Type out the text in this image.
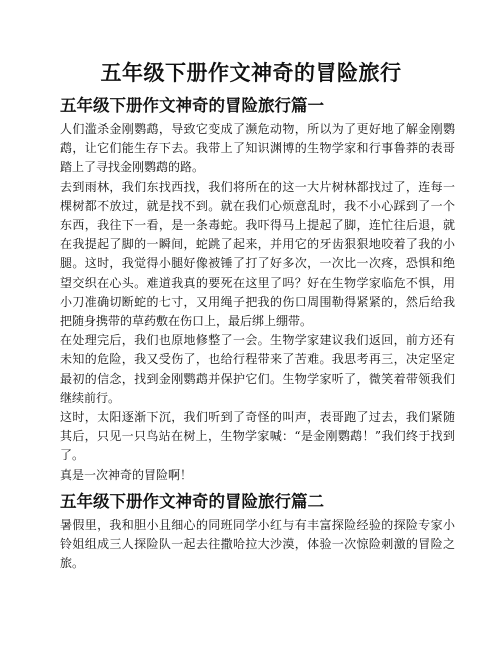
五年级下册作文神奇的冒险旅行
五年级下册作文神奇的冒险旅行篇一

人们滥杀金刚鹦鹉，导致它变成了濒危动物，所以为了更好地了解金刚鹦鹉，让它们能生存下去。我带上了知识渊博的生物学家和行事鲁莽的表哥踏上了寻找金刚鹦鹉的路。

去到雨林，我们东找西找，我们将所在的这一大片树林都找过了，连每一棵树都不放过，就是找不到。就在我们心烦意乱时，我不小心踩到了一个东西，我往下一看，是一条毒蛇。我吓得马上提起了脚，连忙往后退，就在我提起了脚的一瞬间，蛇跳了起来，并用它的牙齿狠狠地咬着了我的小腿。这时，我觉得小腿好像被锤了打了好多次，一次比一次疼，恐惧和绝望交织在心头。难道我真的要死在这里了吗？好在生物学家临危不惧，用小刀准确切断蛇的七寸，又用绳子把我的伤口周围勒得紧紧的，然后给我把随身携带的草药敷在伤口上，最后绑上绷带。

在处理完后，我们也原地修整了一会。生物学家建议我们返回，前方还有未知的危险，我又受伤了，也给行程带来了苦难。我思考再三，决定坚定最初的信念，找到金刚鹦鹉并保护它们。生物学家听了，微笑着带领我们继续前行。

这时，太阳逐渐下沉，我们听到了奇怪的叫声，表哥跑了过去，我们紧随其后，只见一只鸟站在树上，生物学家喊：“是金刚鹦鹉！”我们终于找到了。

真是一次神奇的冒险啊！

五年级下册作文神奇的冒险旅行篇二

暑假里，我和胆小且细心的同班同学小红与有丰富探险经验的探险专家小铃姐组成三人探险队一起去往撒哈拉大沙漠，体验一次惊险刺激的冒险之旅。
